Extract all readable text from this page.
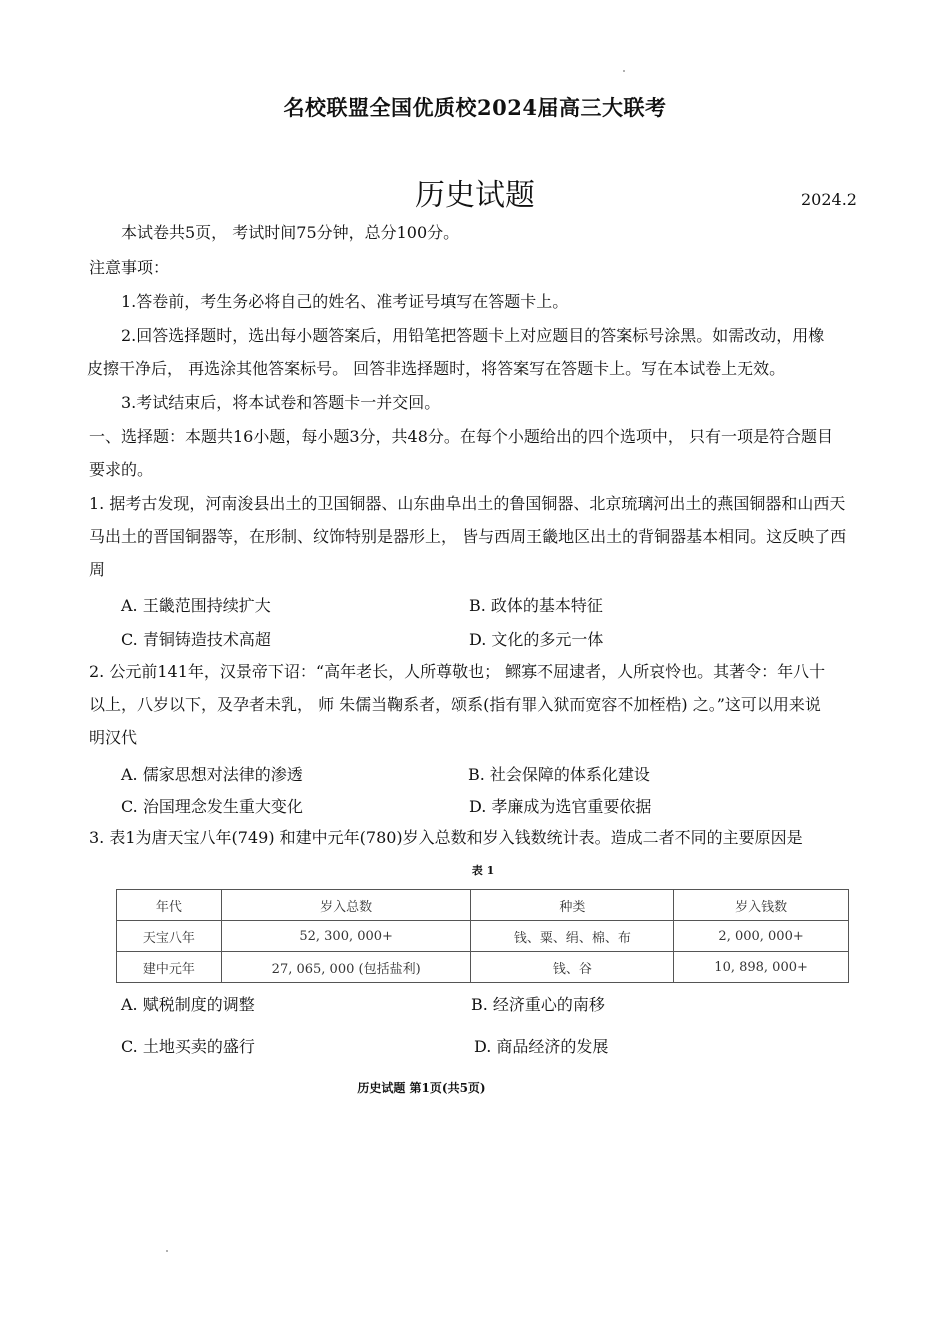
名校联盟全国优质校2024届高三大联考
历史试题	2024.2
本试卷共5页， 考试时间75分钟，总分100分。
注意事项：
1.答卷前，考生务必将自己的姓名、准考证号填写在答题卡上。
2.回答选择题时，选出每小题答案后，用铅笔把答题卡上对应题目的答案标号涂黑。如需改动，用橡
皮擦干净后， 再选涂其他答案标号。 回答非选择题时，将答案写在答题卡上。写在本试卷上无效。
3.考试结束后，将本试卷和答题卡一并交回。
一、选择题：本题共16小题，每小题3分，共48分。在每个小题给出的四个选项中， 只有一项是符合题目
要求的。
1. 据考古发现，河南浚县出土的卫国铜器、山东曲阜出土的鲁国铜器、北京琉璃河出土的燕国铜器和山西天
马出土的晋国铜器等，在形制、纹饰特别是器形上， 皆与西周王畿地区出土的背铜器基本相同。这反映了西
周
A. 王畿范围持续扩大	B. 政体的基本特征
C. 青铜铸造技术高超	D. 文化的多元一体
2. 公元前141年，汉景帝下诏：“高年老长，人所尊敬也； 鳏寡不屈逮者，人所哀怜也。其著令：年八十
以上，八岁以下，及孕者未乳， 师 朱儒当鞠系者，颂系(指有罪入狱而宽容不加桎梏) 之。”这可以用来说
明汉代
A. 儒家思想对法律的渗透	B. 社会保障的体系化建设
C. 治国理念发生重大变化	D. 孝廉成为选官重要依据
3. 表1为唐天宝八年(749) 和建中元年(780)岁入总数和岁入钱数统计表。造成二者不同的主要原因是
表 1
年代	岁入总数	种类	岁入钱数
天宝八年	52, 300, 000+	钱、粟、绢、棉、布	2, 000, 000+
建中元年	27, 065, 000 (包括盐利)	钱、谷	10, 898, 000+
A. 赋税制度的调整	B. 经济重心的南移
C. 土地买卖的盛行	D. 商品经济的发展
历史试题 第1页(共5页)
